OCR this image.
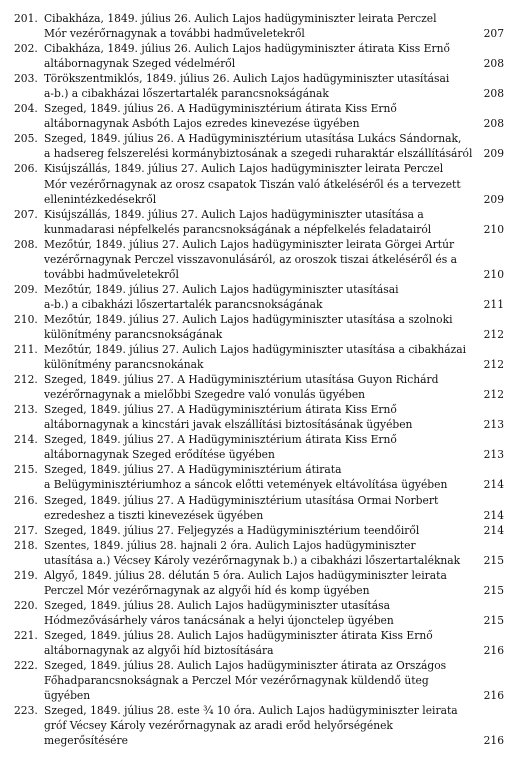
201. Cibakháza, 1849. július 26. Aulich Lajos hadügyminiszter leirata Perczel
Mór vezérőrnagynak a további hadműveletekről	207
202. Cibakháza, 1849. július 26. Aulich Lajos hadügyminiszter átirata Kiss Ernő
altábornagynak Szeged védelméről	208
203. Törökszentmiklós, 1849. július 26. Aulich Lajos hadügyminiszter utasításai
a-b.) a cibakházai lőszertartalék parancsnokságának	208
204. Szeged, 1849. július 26. A Hadügyminisztérium átirata Kiss Ernő
altábornagynak Asbóth Lajos ezredes kinevezése ügyében	208
205. Szeged, 1849. július 26. A Hadügyminisztérium utasítása Lukács Sándornak,
a hadsereg felszerelési kormánybiztosának a szegedi ruharaktár elszállításáról	209
206. Kisújszállás, 1849. július 27. Aulich Lajos hadügyminiszter leirata Perczel
Mór vezérőrnagynak az orosz csapatok Tiszán való átkeléséről és a tervezett
ellenintézkedésekről	209
207. Kisújszállás, 1849. július 27. Aulich Lajos hadügyminiszter utasítása a
kunmadarasi népfelkelés parancsnokságának a népfelkelés feladatairól	210
208. Mezőtúr, 1849. július 27. Aulich Lajos hadügyminiszter leirata Görgei Artúr
vezérőrnagynak Perczel visszavonulásáról, az oroszok tiszai átkeléséről és a
további hadműveletekről	210
209. Mezőtúr, 1849. július 27. Aulich Lajos hadügyminiszter utasításai
a-b.) a cibakházi lőszertartalék parancsnokságának	211
210. Mezőtúr, 1849. július 27. Aulich Lajos hadügyminiszter utasítása a szolnoki
különítmény parancsnokságának	212
211. Mezőtúr, 1849. július 27. Aulich Lajos hadügyminiszter utasítása a cibakházai
különítmény parancsnokának	212
212. Szeged, 1849. július 27. A Hadügyminisztérium utasítása Guyon Richárd
vezérőrnagynak a mielőbbi Szegedre való vonulás ügyében	212
213. Szeged, 1849. július 27. A Hadügyminisztérium átirata Kiss Ernő
altábornagynak a kincstári javak elszállítási biztosításának ügyében	213
214. Szeged, 1849. július 27. A Hadügyminisztérium átirata Kiss Ernő
altábornagynak Szeged erődítése ügyében	213
215. Szeged, 1849. július 27. A Hadügyminisztérium átirata
a Belügyminisztériumhoz a sáncok előtti vetemények eltávolítása ügyében	214
216. Szeged, 1849. július 27. A Hadügyminisztérium utasítása Ormai Norbert
ezredeshez a tiszti kinevezések ügyében	214
217. Szeged, 1849. július 27. Feljegyzés a Hadügyminisztérium teendőiről	214
218. Szentes, 1849. július 28. hajnali 2 óra. Aulich Lajos hadügyminiszter
utasítása a.) Vécsey Károly vezérőrnagynak b.) a cibakházi lőszertartaléknak	215
219. Algyő, 1849. július 28. délután 5 óra. Aulich Lajos hadügyminiszter leirata
Perczel Mór vezérőrnagynak az algyői híd és komp ügyében	215
220. Szeged, 1849. július 28. Aulich Lajos hadügyminiszter utasítása
Hódmezővásárhely város tanácsának a helyi újonctelep ügyében	215
221. Szeged, 1849. július 28. Aulich Lajos hadügyminiszter átirata Kiss Ernő
altábornagynak az algyői híd biztosítására	216
222. Szeged, 1849. július 28. Aulich Lajos hadügyminiszter átirata az Országos
Főhadparancsnokságnak a Perczel Mór vezérőrnagynak küldendő üteg
ügyében	216
223. Szeged, 1849. július 28. este ¾ 10 óra. Aulich Lajos hadügyminiszter leirata
gróf Vécsey Károly vezérőrnagynak az aradi erőd helyőrségének
megerősítésére	216
